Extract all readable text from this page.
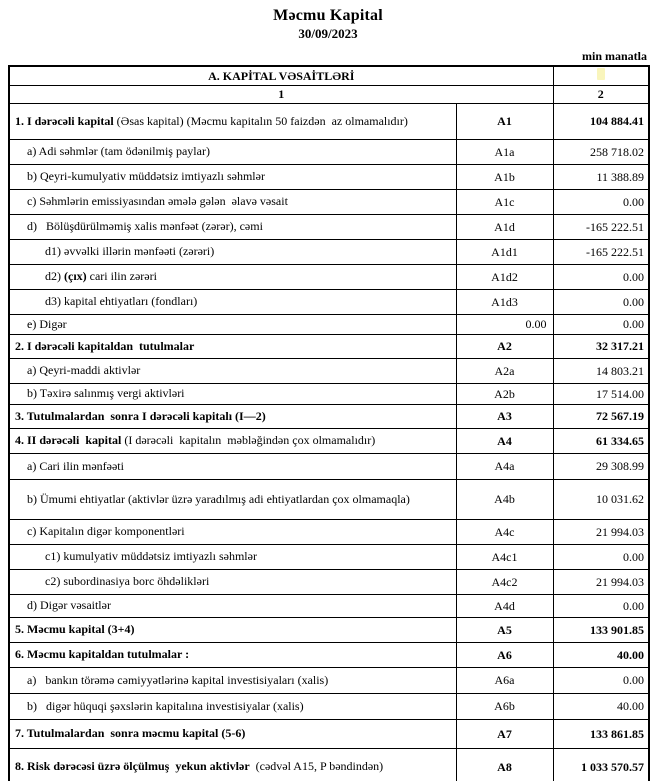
Məcmu Kapital
30/09/2023
min manatla
A. KAPİTAL VƏSAİTLƏRİ		
1		2
1. I dərəcəli kapital (Əsas kapital) (Məcmu kapitalın 50 faizdən  az olmamalıdır)	A1	104 884.41
a) Adi səhmlər (tam ödənilmiş paylar)	A1a	258 718.02
b) Qeyri-kumulyativ müddətsiz imtiyazlı səhmlər	A1b	11 388.89
c) Səhmlərin emissiyasından əmələ gələn  əlavə vəsait	A1c	0.00
d)   Bölüşdürülməmiş xalis mənfəət (zərər), cəmi	A1d	-165 222.51
d1) əvvəlki illərin mənfəəti (zərəri)	A1d1	-165 222.51
d2) (çıx) cari ilin zərəri	A1d2	0.00
d3) kapital ehtiyatları (fondları)	A1d3	0.00
e) Digər	0.00	0.00
2. I dərəcəli kapitaldan  tutulmalar	A2	32 317.21
a) Qeyri-maddi aktivlər	A2a	14 803.21
b) Təxirə salınmış vergi aktivləri	A2b	17 514.00
3. Tutulmalardan  sonra I dərəcəli kapitalı (I—2)	A3	72 567.19
4. II dərəcəli  kapital (I dərəcəli  kapitalın  məbləğindən çox olmamalıdır)	A4	61 334.65
a) Cari ilin mənfəəti	A4a	29 308.99
b) Ümumi ehtiyatlar (aktivlər üzrə yaradılmış adi ehtiyatlardan çox olmamaqla)	A4b	10 031.62
c) Kapitalın digər komponentləri	A4c	21 994.03
c1) kumulyativ müddətsiz imtiyazlı səhmlər	A4c1	0.00
c2) subordinasiya borc öhdəlikləri	A4c2	21 994.03
d) Digər vəsaitlər	A4d	0.00
5. Məcmu kapital (3+4)	A5	133 901.85
6. Məcmu kapitaldan tutulmalar :	A6	40.00
a)   bankın törəmə cəmiyyətlərinə kapital investisiyaları (xalis)	A6a	0.00
b)   digər hüquqi şəxslərin kapitalına investisiyalar (xalis)	A6b	40.00
7. Tutulmalardan  sonra məcmu kapital (5-6)	A7	133 861.85
8. Risk dərəcəsi üzrə ölçülmuş  yekun aktivlər  (cədvəl A15, P bəndindən)	A8	1 033 570.57
